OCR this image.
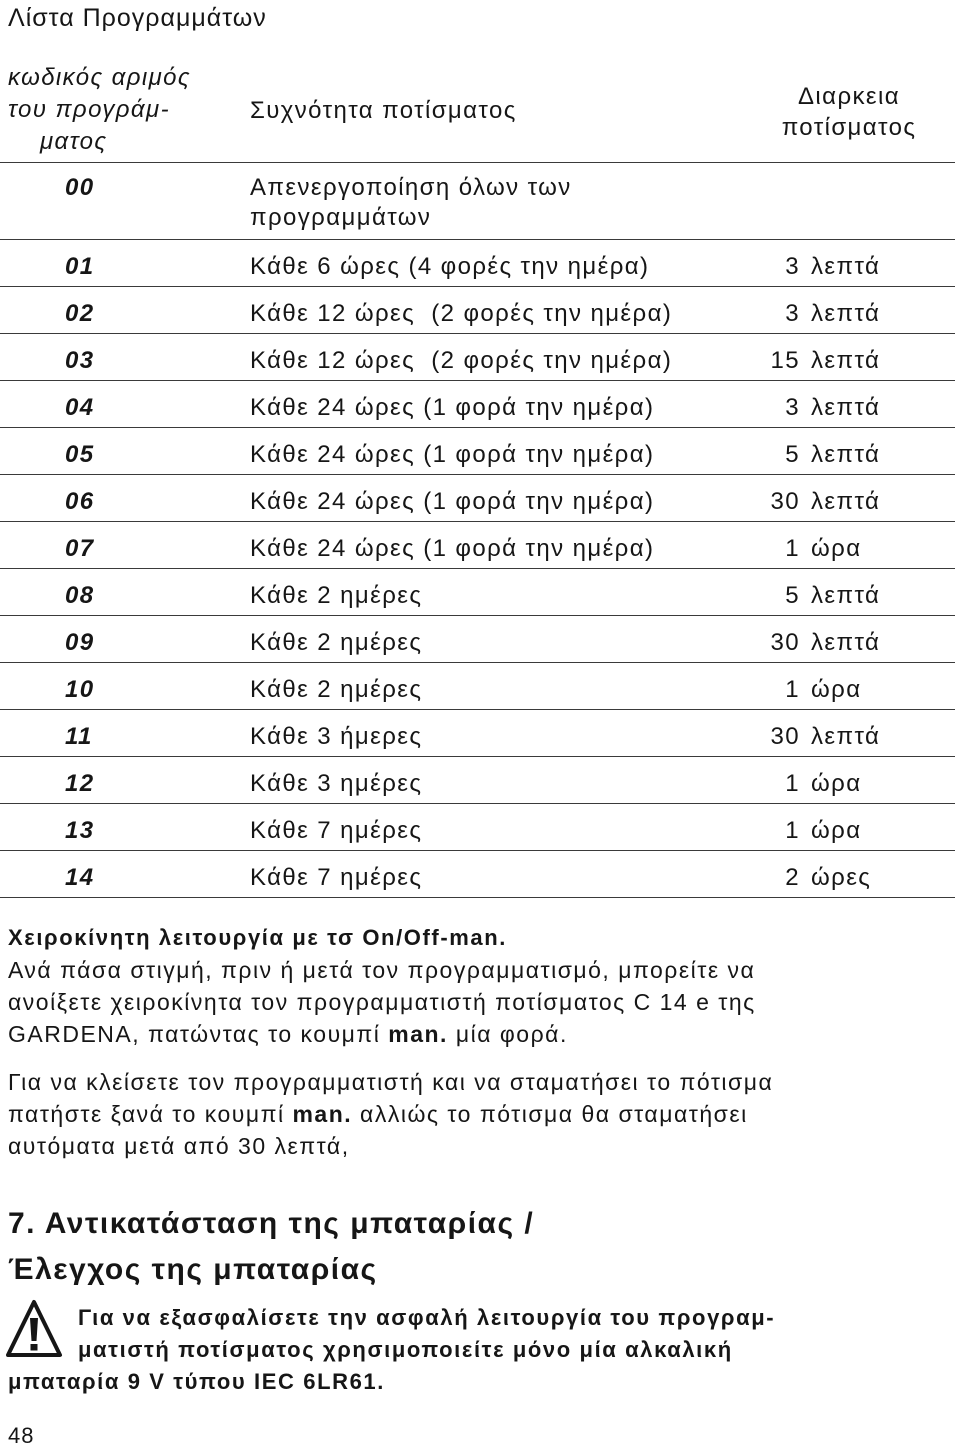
Λίστα Προγραμμάτων
κωδικός αριμός
του προγράμ-
ματος
Συχνότητα ποτίσματος
Διαρκεια
ποτίσματος
00	Απενεργοποίηση όλων των
προγραμμάτων
01	Κάθε 6 ώρες (4 φορές την ημέρα)	3 λεπτά
02	Κάθε 12 ώρες  (2 φορές την ημέρα)	3 λεπτά
03	Κάθε 12 ώρες  (2 φορές την ημέρα)	15 λεπτά
04	Κάθε 24 ώρες (1 φορά την ημέρα)	3 λεπτά
05	Κάθε 24 ώρες (1 φορά την ημέρα)	5 λεπτά
06	Κάθε 24 ώρες (1 φορά την ημέρα)	30 λεπτά
07	Κάθε 24 ώρες (1 φορά την ημέρα)	1 ώρα
08	Κάθε 2 ημέρες	5 λεπτά
09	Κάθε 2 ημέρες	30 λεπτά
10	Κάθε 2 ημέρες	1 ώρα
11	Κάθε 3 ήμερες	30 λεπτά
12	Κάθε 3 ημέρες	1 ώρα
13	Κάθε 7 ημέρες	1 ώρα
14	Κάθε 7 ημέρες	2 ώρες
Χειροκίνητη λειτουργία με τσ On/Off-man.
Ανά πάσα στιγμή, πριν ή μετά τον προγραμματισμό, μπορείτε να
ανοίξετε χειροκίνητα τον προγραμματιστή ποτίσματος C 14 e της
GARDENA, πατώντας το κουμπί man. μία φορά.
Για να κλείσετε τον προγραμματιστή και να σταματήσει το πότισμα
πατήστε ξανά το κουμπί man. αλλιώς το πότισμα θα σταματήσει
αυτόματα μετά από 30 λεπτά,
7. Αντικατάσταση της μπαταρίας /
Έλεγχος της μπαταρίας
Για να εξασφαλίσετε την ασφαλή λειτουργία του προγραμ-
ματιστή ποτίσματος χρησιμοποιείτε μόνο μία αλκαλική
μπαταρία 9 V τύπου IEC 6LR61.
48
